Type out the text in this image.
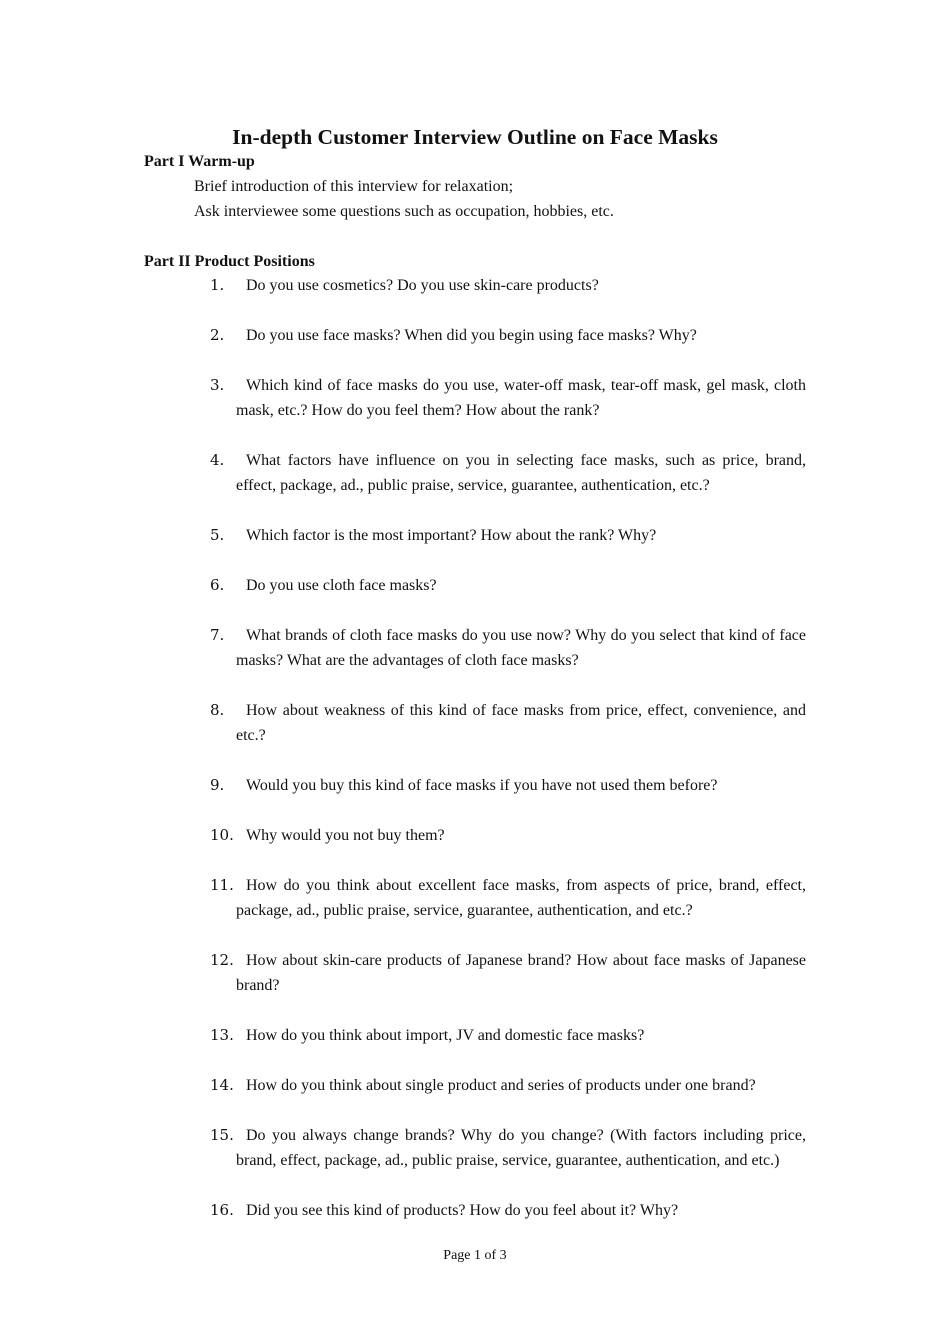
In-depth Customer Interview Outline on Face Masks
Part I Warm-up
Brief introduction of this interview for relaxation;
Ask interviewee some questions such as occupation, hobbies, etc.
Part II Product Positions
1. Do you use cosmetics? Do you use skin-care products?
2. Do you use face masks? When did you begin using face masks? Why?
3. Which kind of face masks do you use, water-off mask, tear-off mask, gel mask, cloth mask, etc.? How do you feel them? How about the rank?
4. What factors have influence on you in selecting face masks, such as price, brand, effect, package, ad., public praise, service, guarantee, authentication, etc.?
5. Which factor is the most important? How about the rank? Why?
6. Do you use cloth face masks?
7. What brands of cloth face masks do you use now? Why do you select that kind of face masks? What are the advantages of cloth face masks?
8. How about weakness of this kind of face masks from price, effect, convenience, and etc.?
9. Would you buy this kind of face masks if you have not used them before?
10. Why would you not buy them?
11. How do you think about excellent face masks, from aspects of price, brand, effect, package, ad., public praise, service, guarantee, authentication, and etc.?
12. How about skin-care products of Japanese brand? How about face masks of Japanese brand?
13. How do you think about import, JV and domestic face masks?
14. How do you think about single product and series of products under one brand?
15. Do you always change brands? Why do you change? (With factors including price, brand, effect, package, ad., public praise, service, guarantee, authentication, and etc.)
16. Did you see this kind of products? How do you feel about it? Why?
Page 1 of 3
